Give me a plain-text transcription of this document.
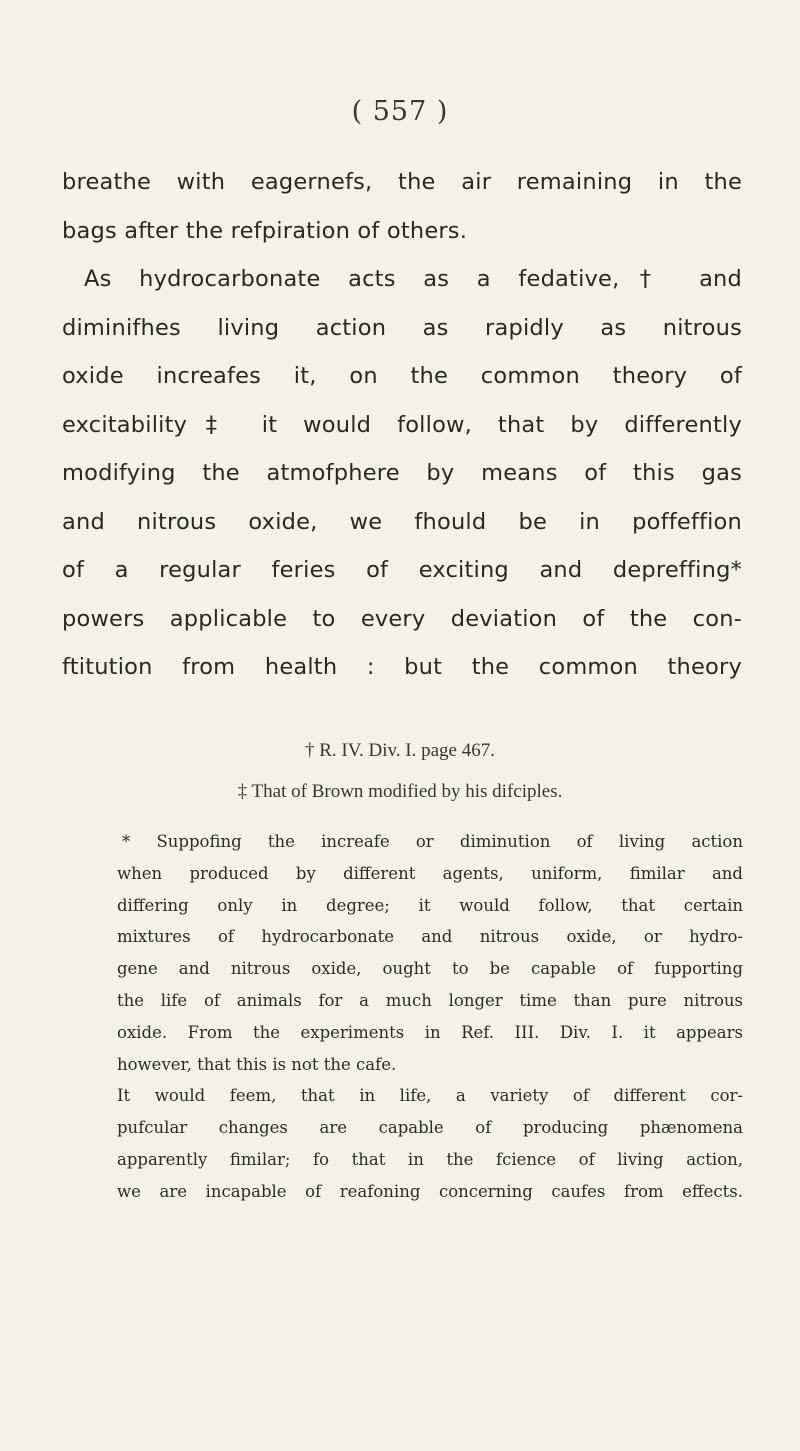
( 557 )
breathe with eagernefs, the air remaining in the
bags after the refpiration of others.
As hydrocarbonate acts as a fedative,† and
diminifhes living action as rapidly as nitrous
oxide increafes it, on the common theory of
excitability‡ it would follow, that by differently
modifying the atmofphere by means of this gas
and nitrous oxide, we fhould be in poffeffion
of a regular feries of exciting and depreffing*
powers applicable to every deviation of the con-
ftitution from health : but the common theory
† R. IV. Div. I. page 467.
‡ That of Brown modified by his difciples.
* Suppofing the increafe or diminution of living action
when produced by different agents, uniform, fimilar and
differing only in degree; it would follow, that certain
mixtures of hydrocarbonate and nitrous oxide, or hydro-
gene and nitrous oxide, ought to be capable of fupporting
the life of animals for a much longer time than pure nitrous
oxide. From the experiments in Ref. III. Div. I. it appears
however, that this is not the cafe.
It would feem, that in life, a variety of different cor-
pufcular changes are capable of producing phænomena
apparently fimilar; fo that in the fcience of living action,
we are incapable of reafoning concerning caufes from effects.
